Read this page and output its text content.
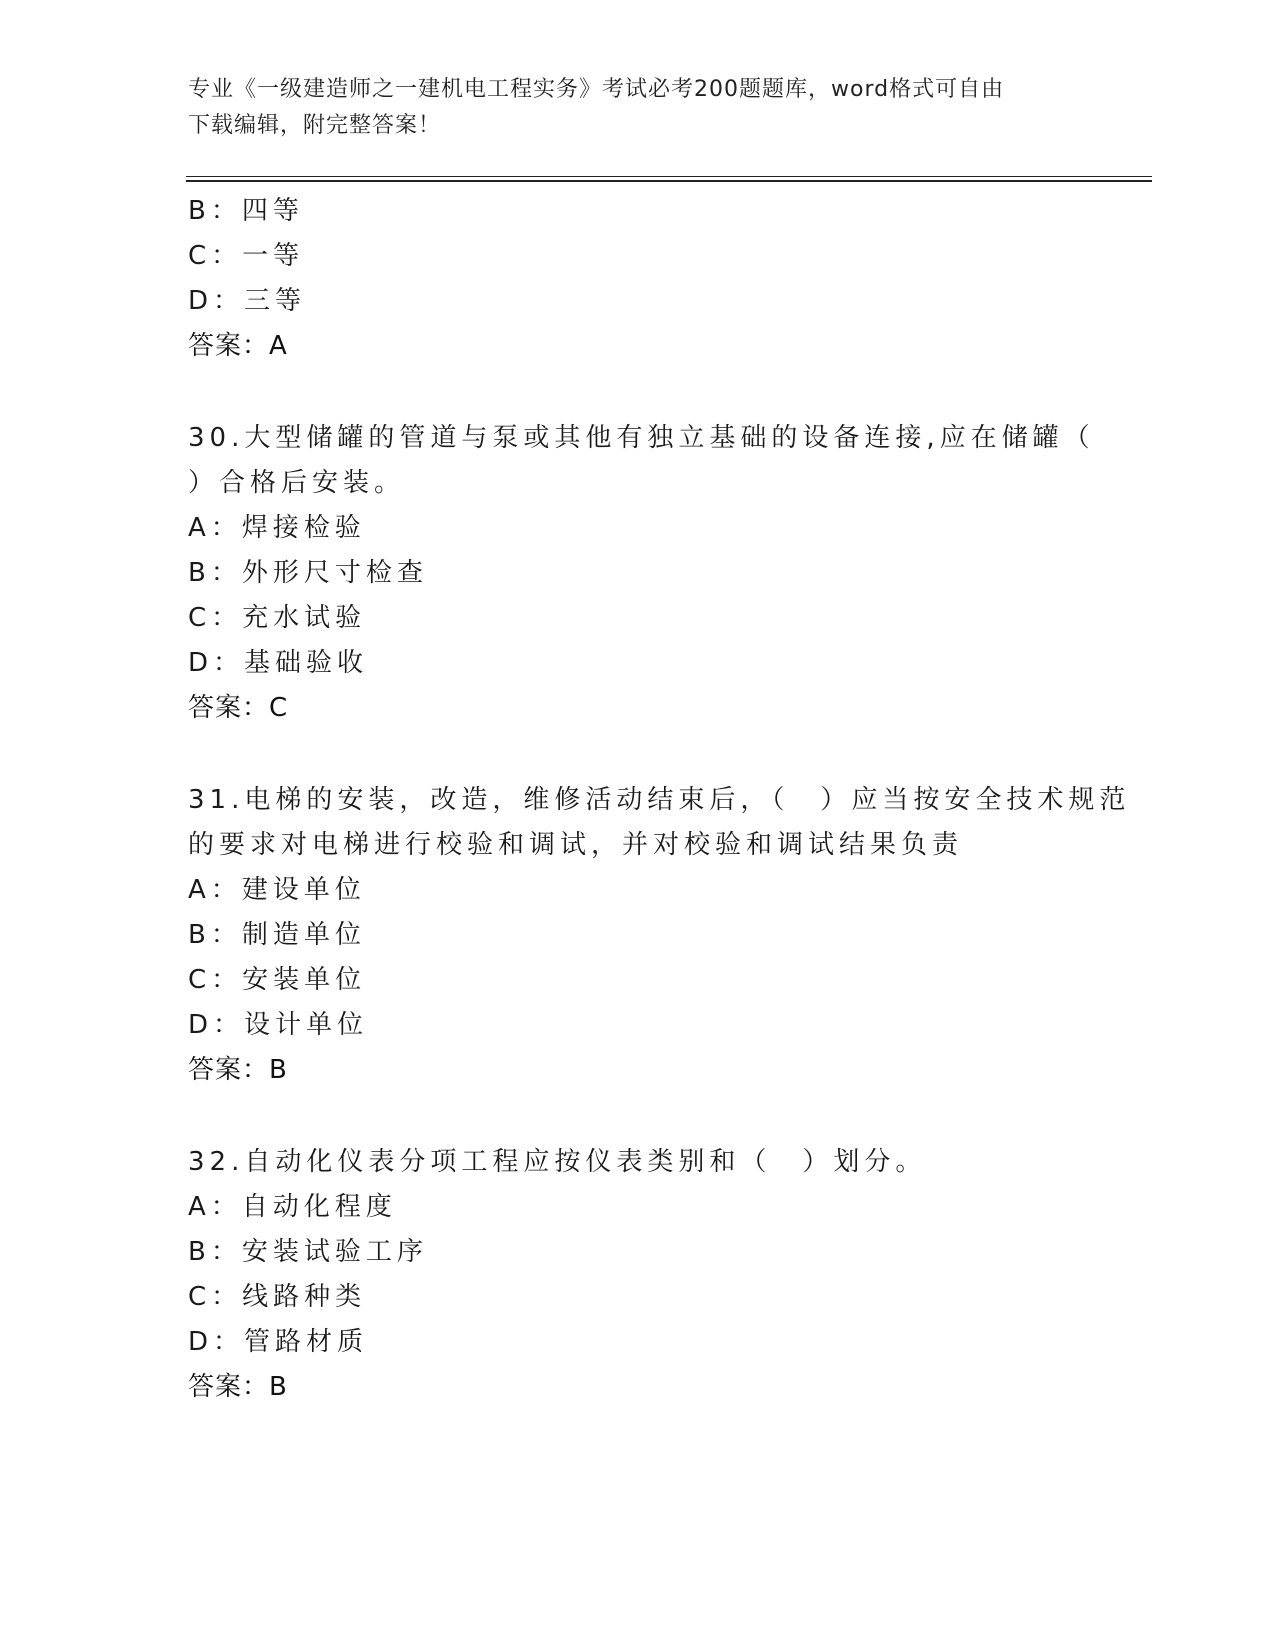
专业《一级建造师之一建机电工程实务》考试必考200题题库，word格式可自由
下载编辑，附完整答案！
B：四等
C：一等
D：三等
答案：A
30.大型储罐的管道与泵或其他有独立基础的设备连接,应在储罐（
）合格后安装。
A：焊接检验
B：外形尺寸检查
C：充水试验
D：基础验收
答案：C
31.电梯的安装，改造，维修活动结束后，（　）应当按安全技术规范
的要求对电梯进行校验和调试，并对校验和调试结果负责
A：建设单位
B：制造单位
C：安装单位
D：设计单位
答案：B
32.自动化仪表分项工程应按仪表类别和（　）划分。
A：自动化程度
B：安装试验工序
C：线路种类
D：管路材质
答案：B
